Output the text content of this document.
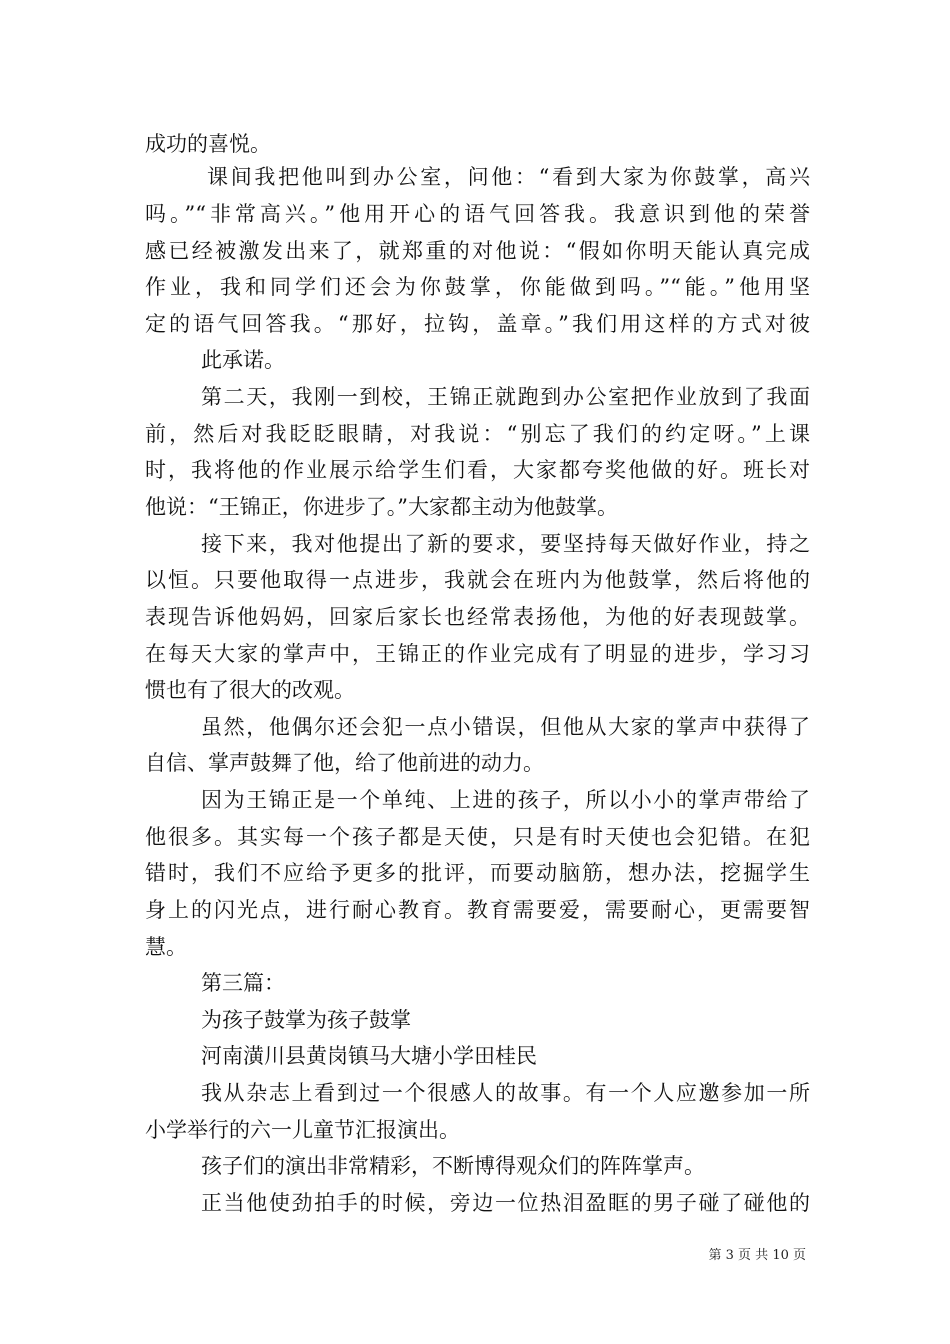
成功的喜悦。
课间我把他叫到办公室，问他：“看到大家为你鼓掌，高兴
吗。”“非常高兴。”他用开心的语气回答我。我意识到他的荣誉
感已经被激发出来了，就郑重的对他说：“假如你明天能认真完成
作业，我和同学们还会为你鼓掌，你能做到吗。”“能。”他用坚
定的语气回答我。“那好，拉钩，盖章。”我们用这样的方式对彼
此承诺。
第二天，我刚一到校，王锦正就跑到办公室把作业放到了我面
前，然后对我眨眨眼睛，对我说：“别忘了我们的约定呀。”上课
时，我将他的作业展示给学生们看，大家都夸奖他做的好。班长对
他说：“王锦正，你进步了。”大家都主动为他鼓掌。
接下来，我对他提出了新的要求，要坚持每天做好作业，持之
以恒。只要他取得一点进步，我就会在班内为他鼓掌，然后将他的
表现告诉他妈妈，回家后家长也经常表扬他，为他的好表现鼓掌。
在每天大家的掌声中，王锦正的作业完成有了明显的进步，学习习
惯也有了很大的改观。
虽然，他偶尔还会犯一点小错误，但他从大家的掌声中获得了
自信、掌声鼓舞了他，给了他前进的动力。
因为王锦正是一个单纯、上进的孩子，所以小小的掌声带给了
他很多。其实每一个孩子都是天使，只是有时天使也会犯错。在犯
错时，我们不应给予更多的批评，而要动脑筋，想办法，挖掘学生
身上的闪光点，进行耐心教育。教育需要爱，需要耐心，更需要智
慧。
第三篇：
为孩子鼓掌为孩子鼓掌
河南潢川县黄岗镇马大塘小学田桂民
我从杂志上看到过一个很感人的故事。有一个人应邀参加一所
小学举行的六一儿童节汇报演出。
孩子们的演出非常精彩，不断博得观众们的阵阵掌声。
正当他使劲拍手的时候，旁边一位热泪盈眶的男子碰了碰他的
第 3 页 共 10 页
